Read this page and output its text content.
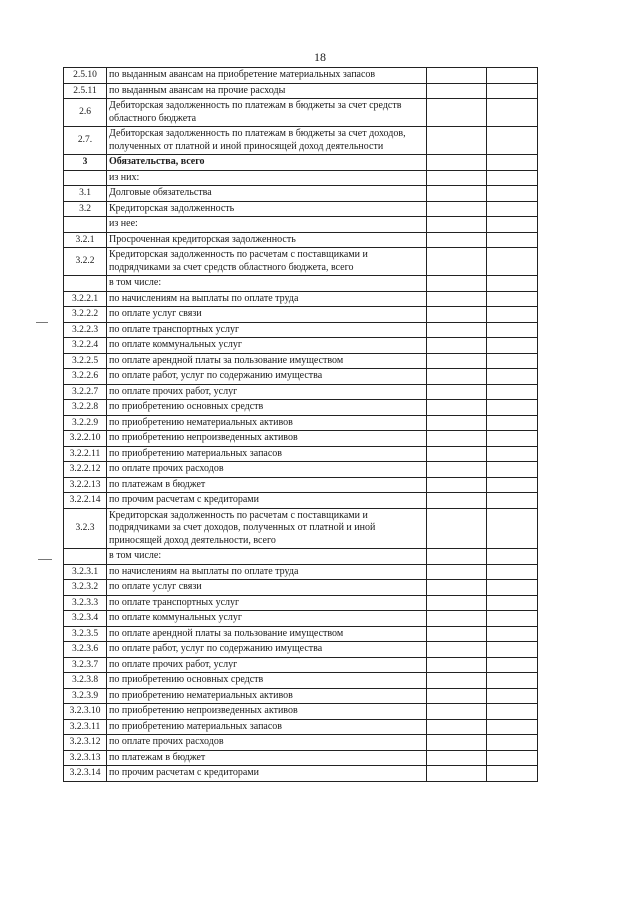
18
2.5.10	по выданным авансам на приобретение материальных запасов		
2.5.11	по выданным авансам на прочие расходы		
2.6	Дебиторская задолженность по платежам в бюджеты за счет средств областного бюджета		
2.7.	Дебиторская задолженность по платежам в бюджеты за счет доходов, полученных от платной и иной приносящей доход деятельности		
3	Обязательства, всего		
	из них:		
3.1	Долговые обязательства		
3.2	Кредиторская задолженность		
	из нее:		
3.2.1	Просроченная кредиторская задолженность		
3.2.2	Кредиторская задолженность по расчетам с поставщиками и подрядчиками за счет средств областного бюджета, всего		
	в том числе:		
3.2.2.1	по начислениям на выплаты по оплате труда		
3.2.2.2	по оплате услуг связи		
3.2.2.3	по оплате транспортных услуг		
3.2.2.4	по оплате коммунальных услуг		
3.2.2.5	по оплате арендной платы за пользование имуществом		
3.2.2.6	по оплате работ, услуг по содержанию имущества		
3.2.2.7	по оплате прочих работ, услуг		
3.2.2.8	по приобретению основных средств		
3.2.2.9	по приобретению нематериальных активов		
3.2.2.10	по приобретению непроизведенных активов		
3.2.2.11	по приобретению материальных запасов		
3.2.2.12	по оплате прочих расходов		
3.2.2.13	по платежам в бюджет		
3.2.2.14	по прочим расчетам с кредиторами		
3.2.3	Кредиторская задолженность по расчетам с поставщиками и подрядчиками за счет доходов, полученных от платной и иной приносящей доход деятельности, всего		
	в том числе:		
3.2.3.1	по начислениям на выплаты по оплате труда		
3.2.3.2	по оплате услуг связи		
3.2.3.3	по оплате транспортных услуг		
3.2.3.4	по оплате коммунальных услуг		
3.2.3.5	по оплате арендной платы за пользование имуществом		
3.2.3.6	по оплате работ, услуг по содержанию имущества		
3.2.3.7	по оплате прочих работ, услуг		
3.2.3.8	по приобретению основных средств		
3.2.3.9	по приобретению нематериальных активов		
3.2.3.10	по приобретению непроизведенных активов		
3.2.3.11	по приобретению материальных запасов		
3.2.3.12	по оплате прочих расходов		
3.2.3.13	по платежам в бюджет		
3.2.3.14	по прочим расчетам с кредиторами		
